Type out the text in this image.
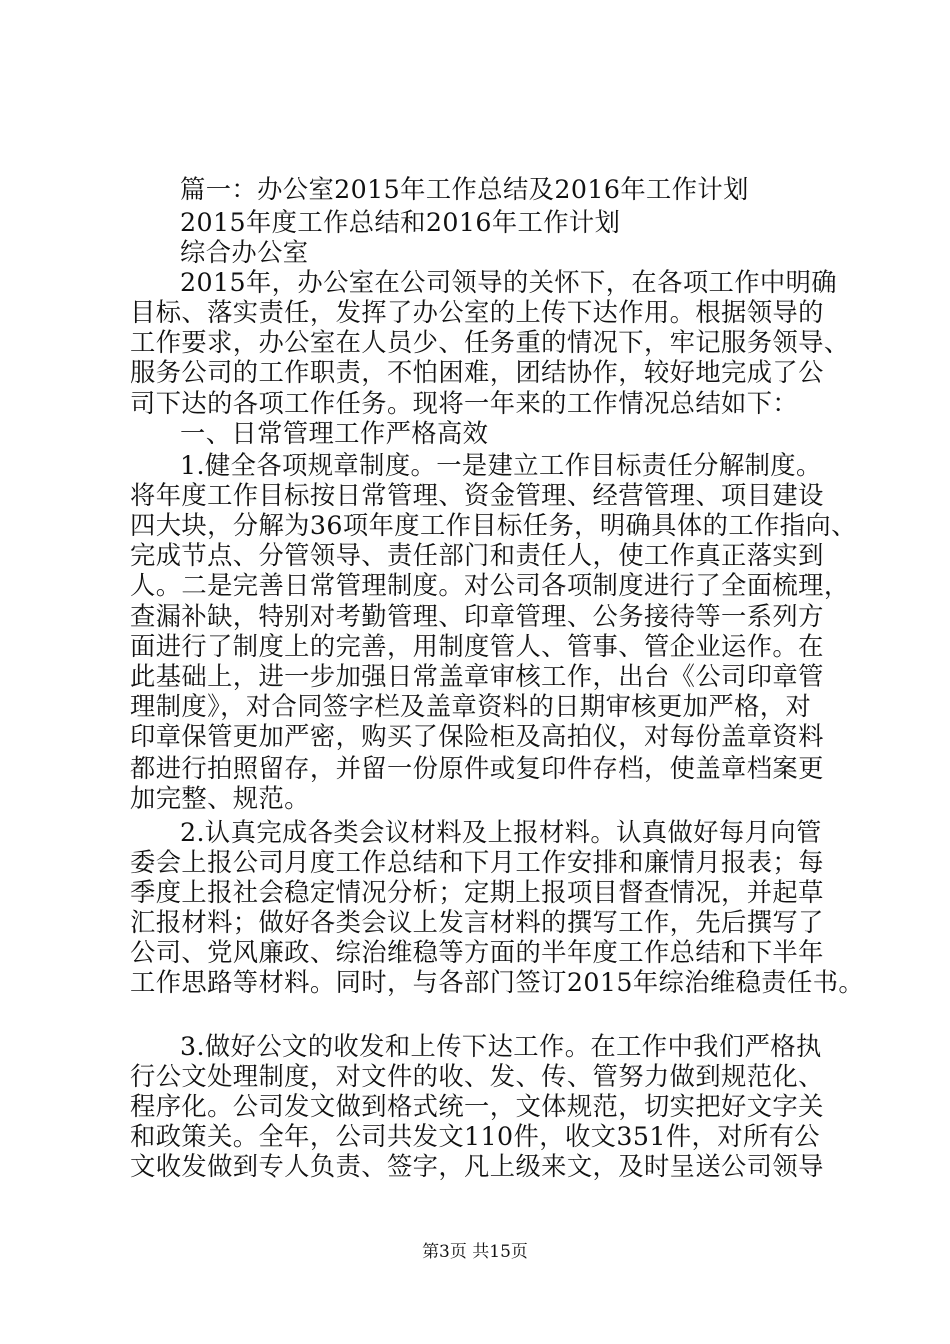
篇一：办公室2015年工作总结及2016年工作计划
2015年度工作总结和2016年工作计划
综合办公室
2015年，办公室在公司领导的关怀下，在各项工作中明确
目标、落实责任，发挥了办公室的上传下达作用。根据领导的
工作要求，办公室在人员少、任务重的情况下，牢记服务领导、
服务公司的工作职责，不怕困难，团结协作，较好地完成了公
司下达的各项工作任务。现将一年来的工作情况总结如下：
一、日常管理工作严格高效
1.健全各项规章制度。一是建立工作目标责任分解制度。
将年度工作目标按日常管理、资金管理、经营管理、项目建设
四大块，分解为36项年度工作目标任务，明确具体的工作指向、
完成节点、分管领导、责任部门和责任人，使工作真正落实到
人。二是完善日常管理制度。对公司各项制度进行了全面梳理，
查漏补缺，特别对考勤管理、印章管理、公务接待等一系列方
面进行了制度上的完善，用制度管人、管事、管企业运作。在
此基础上，进一步加强日常盖章审核工作，出台《公司印章管
理制度》，对合同签字栏及盖章资料的日期审核更加严格，对
印章保管更加严密，购买了保险柜及高拍仪，对每份盖章资料
都进行拍照留存，并留一份原件或复印件存档，使盖章档案更
加完整、规范。
2.认真完成各类会议材料及上报材料。认真做好每月向管
委会上报公司月度工作总结和下月工作安排和廉情月报表；每
季度上报社会稳定情况分析；定期上报项目督查情况，并起草
汇报材料；做好各类会议上发言材料的撰写工作，先后撰写了
公司、党风廉政、综治维稳等方面的半年度工作总结和下半年
工作思路等材料。同时，与各部门签订2015年综治维稳责任书。
3.做好公文的收发和上传下达工作。在工作中我们严格执
行公文处理制度，对文件的收、发、传、管努力做到规范化、
程序化。公司发文做到格式统一，文体规范，切实把好文字关
和政策关。全年，公司共发文110件，收文351件，对所有公
文收发做到专人负责、签字，凡上级来文，及时呈送公司领导
第3页 共15页
